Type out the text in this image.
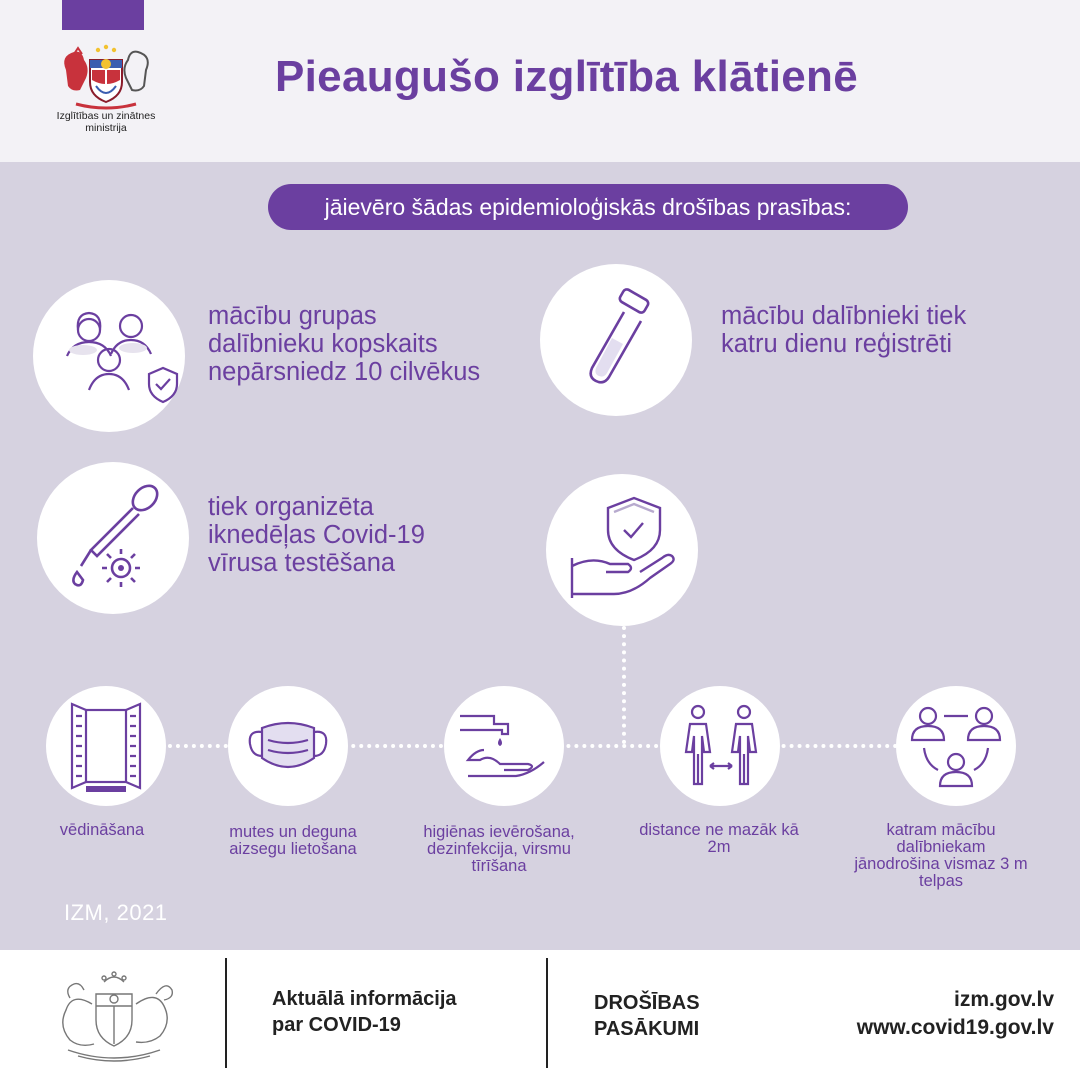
Izglītības un zinātnes ministrija
Pieaugušo izglītība klātienē
jāievēro šādas epidemioloģiskās drošības prasības:
mācību grupas
dalībnieku kopskaits
nepārsniedz 10 cilvēkus
mācību dalībnieki tiek
katru dienu reģistrēti
tiek organizēta
iknedēļas Covid-19
vīrusa testēšana
vēdināšana	mutes un deguna
aizsegu lietošana
higiēnas ievērošana,
dezinfekcija, virsmu
tīrīšana
distance ne mazāk kā
2m
katram mācību
dalībniekam
jānodrošina vismaz 3 m
telpas
IZM, 2021
Aktuālā informācija
par COVID-19
DROŠĪBAS
PASĀKUMI
izm.gov.lv
www.covid19.gov.lv
